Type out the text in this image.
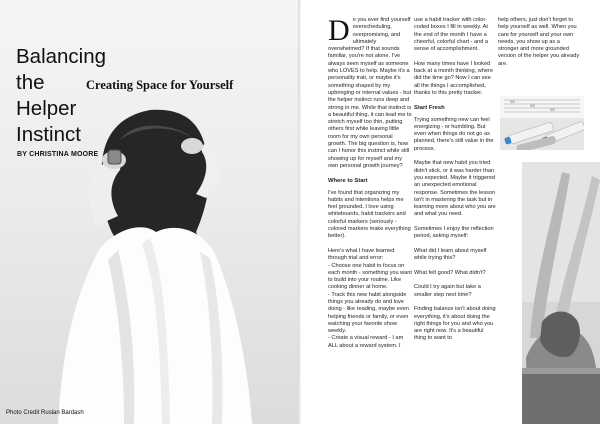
Balancing
the
Helper
Instinct
Creating Space for Yourself

BY CHRISTINA MOORE

Photo Credit Ruslan Bardash

Do you ever find yourself overscheduling, overpromising, and ultimately overwhelmed? If that sounds familiar, you're not alone. I've always seen myself as someone who LOVES to help. Maybe it's a personality trait, or maybe it's something shaped by my upbringing or internal values - but the helper instinct runs deep and strong in me. While that instinct is a beautiful thing, it can lead me to stretch myself too thin, putting others first while leaving little room for my own personal growth. The big question is, how can I honor this instinct while still showing up for myself and my own personal growth journey?

Where to Start

I've found that organizing my habits and intentions helps me feel grounded. I love using whiteboards, habit trackers and colorful markers (seriously - colored markers make everything better).

Here's what I have learned through trial and error:

- Choose one habit to focus on each month - something you want to build into your routine. Like cooking dinner at home.

- Track this new habit alongside things you already do and love doing - like reading, maybe even helping friends or family, or even watching your favorite show weekly.

- Create a visual reward - I am ALL about a reward system. I

use a habit tracker with color-coded boxes I fill in weekly. At the end of the month I have a cheerful, colorful chart - and a sense of accomplishment.

How many times have I looked back at a month thinking, where did the time go? Now I can see all the things I accomplished, thanks to this pretty tracker.

Start Fresh

Trying something new can feel energizing - or humbling. But even when things do not go as planned, there's still value in the process.

Maybe that new habit you tried didn't stick, or it was harder than you expected. Maybe it triggered an unexpected emotional response. Sometimes the lesson isn't in mastering the task but in learning more about who you are and what you need.

Sometimes I enjoy the reflection period, asking myself:

What did I learn about myself while trying this?

What felt good? What didn't?

Could I try again but take a smaller step next time?

Finding balance isn't about doing everything, it's about doing the right things for you and who you are right now. It's a beautiful thing to want to

help others, just don't forget to help yourself as well. When you care for yourself and your own needs, you show up as a stronger and more grounded version of the helper you already are.
